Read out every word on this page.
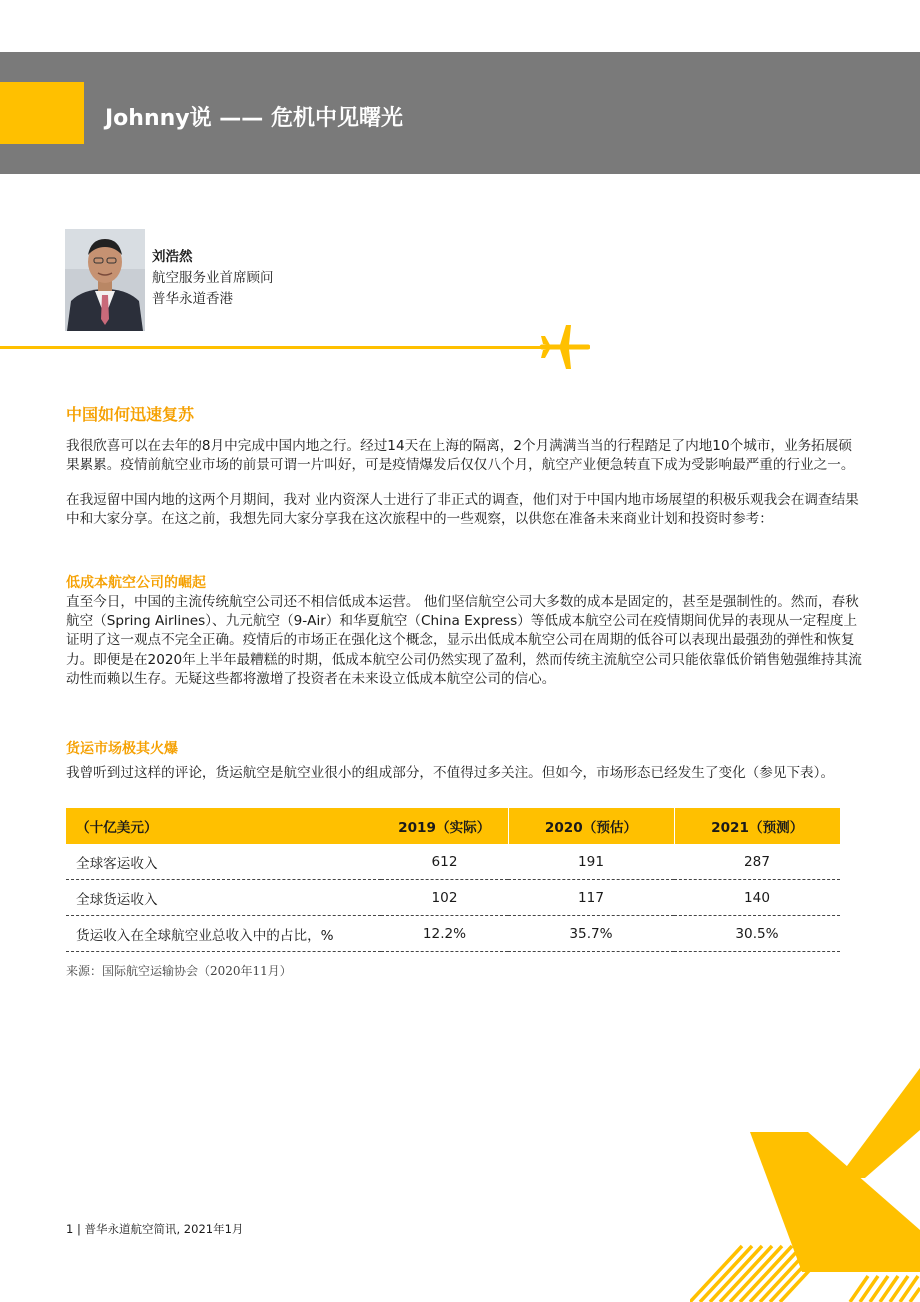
Johnny说 —— 危机中见曙光
刘浩然
航空服务业首席顾问
普华永道香港
中国如何迅速复苏

我很欣喜可以在去年的8月中完成中国内地之行。经过14天在上海的隔离，2个月满满当当的行程踏足了内地10个城市，业务拓展硕果累累。疫情前航空业市场的前景可谓一片叫好，可是疫情爆发后仅仅八个月，航空产业便急转直下成为受影响最严重的行业之一。

在我逗留中国内地的这两个月期间，我对 业内资深人士进行了非正式的调查，他们对于中国内地市场展望的积极乐观我会在调查结果中和大家分享。在这之前，我想先同大家分享我在这次旅程中的一些观察，以供您在准备未来商业计划和投资时参考：

低成本航空公司的崛起

直至今日，中国的主流传统航空公司还不相信低成本运营。 他们坚信航空公司大多数的成本是固定的，甚至是强制性的。然而，春秋航空（Spring Airlines）、九元航空（9-Air）和华夏航空（China Express）等低成本航空公司在疫情期间优异的表现从一定程度上证明了这一观点不完全正确。疫情后的市场正在强化这个概念，显示出低成本航空公司在周期的低谷可以表现出最强劲的弹性和恢复力。即便是在2020年上半年最糟糕的时期，低成本航空公司仍然实现了盈利，然而传统主流航空公司只能依靠低价销售勉强维持其流动性而赖以生存。无疑这些都将激增了投资者在未来设立低成本航空公司的信心。

货运市场极其火爆

我曾听到过这样的评论，货运航空是航空业很小的组成部分，不值得过多关注。但如今，市场形态已经发生了变化（参见下表）。

（十亿美元）	2019（实际）	2020（预估）	2021（预测）
全球客运收入	612	191	287
全球货运收入	102	117	140
货运收入在全球航空业总收入中的占比，%	12.2%	35.7%	30.5%
来源：国际航空运输协会（2020年11月）
1 | 普华永道航空简讯, 2021年1月
